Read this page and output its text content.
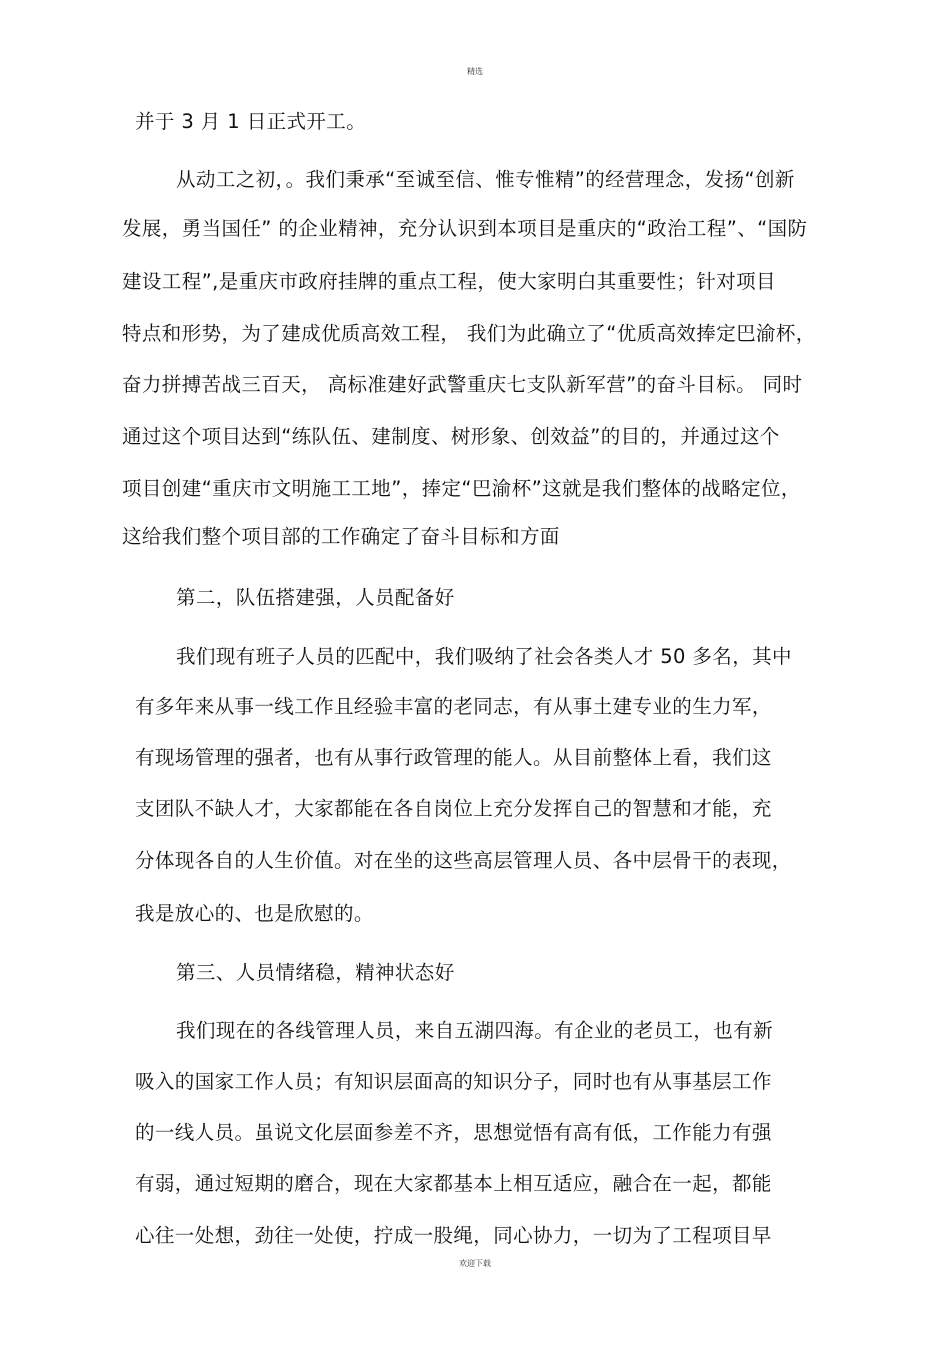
精选
并于 3 月 1 日正式开工。
从动工之初，。我们秉承“至诚至信、惟专惟精”的经营理念，发扬“创新
发展，勇当国任” 的企业精神，充分认识到本项目是重庆的“政治工程”、“国防
建设工程”,是重庆市政府挂牌的重点工程，使大家明白其重要性；针对项目
特点和形势，为了建成优质高效工程， 我们为此确立了“优质高效捧定巴渝杯，
奋力拼搏苦战三百天， 高标准建好武警重庆七支队新军营”的奋斗目标。 同时
通过这个项目达到“练队伍、建制度、树形象、创效益”的目的，并通过这个
项目创建“重庆市文明施工工地”，捧定“巴渝杯”这就是我们整体的战略定位，
这给我们整个项目部的工作确定了奋斗目标和方面
第二，队伍搭建强，人员配备好
我们现有班子人员的匹配中，我们吸纳了社会各类人才 50 多名，其中
有多年来从事一线工作且经验丰富的老同志，有从事土建专业的生力军，
有现场管理的强者，也有从事行政管理的能人。从目前整体上看，我们这
支团队不缺人才，大家都能在各自岗位上充分发挥自己的智慧和才能，充
分体现各自的人生价值。对在坐的这些高层管理人员、各中层骨干的表现，
我是放心的、也是欣慰的。
第三、人员情绪稳，精神状态好
我们现在的各线管理人员，来自五湖四海。有企业的老员工，也有新
吸入的国家工作人员；有知识层面高的知识分子，同时也有从事基层工作
的一线人员。虽说文化层面参差不齐，思想觉悟有高有低，工作能力有强
有弱，通过短期的磨合，现在大家都基本上相互适应，融合在一起，都能
心往一处想，劲往一处使，拧成一股绳，同心协力，一切为了工程项目早
欢迎下载
